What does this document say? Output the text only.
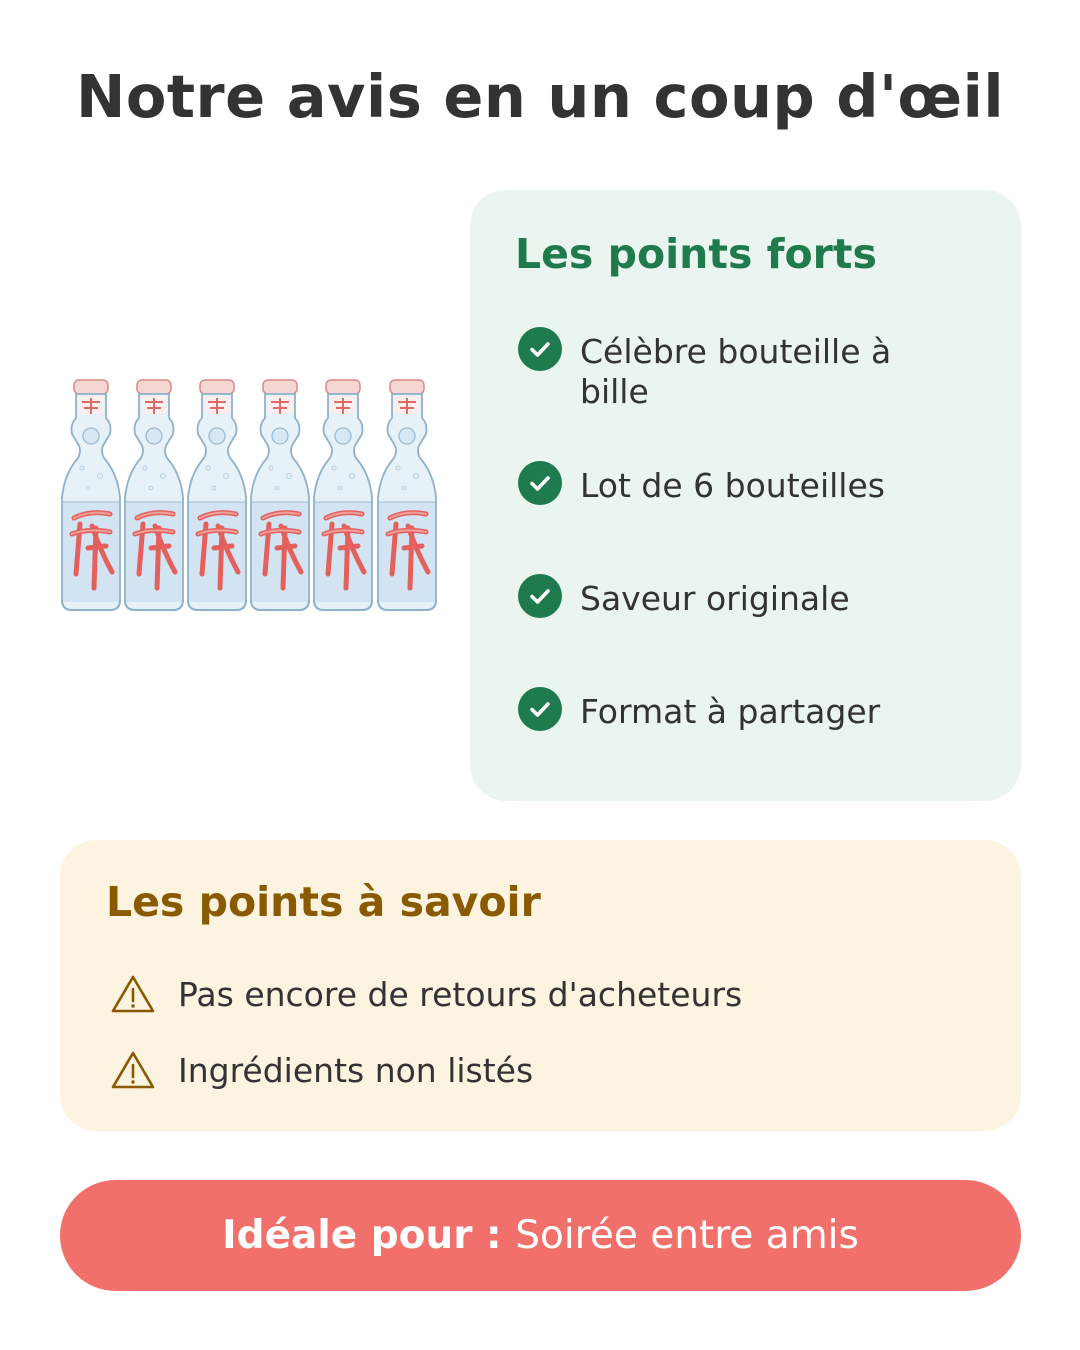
Notre avis en un coup d'œil
Les points forts
Célèbre bouteille à bille
Lot de 6 bouteilles
Saveur originale
Format à partager
Les points à savoir
Pas encore de retours d'acheteurs
Ingrédients non listés
Idéale pour : Soirée entre amis
